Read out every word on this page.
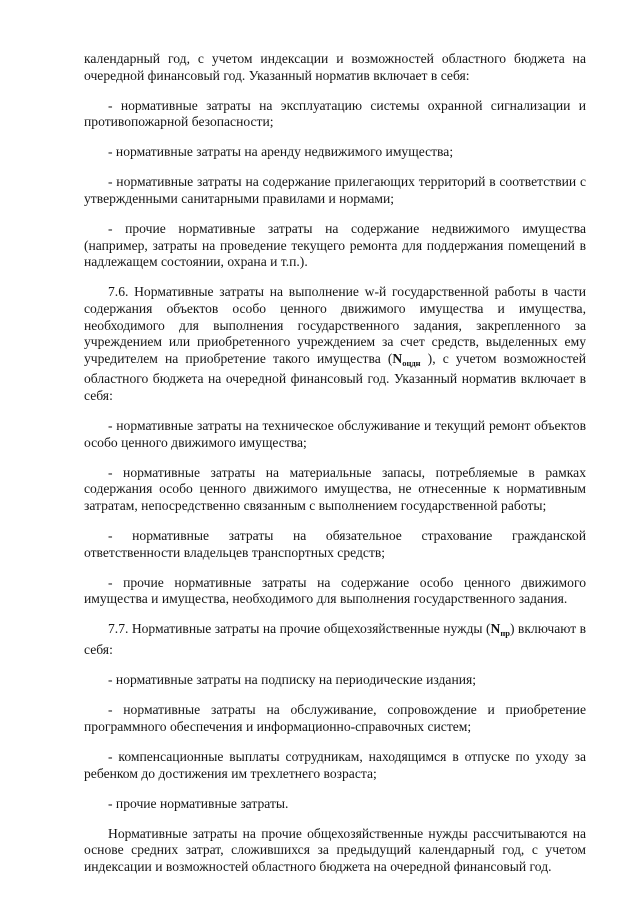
календарный год, с учетом индексации и возможностей областного бюджета на очередной финансовый год. Указанный норматив включает в себя:

- нормативные затраты на эксплуатацию системы охранной сигнализации и противопожарной безопасности;

- нормативные затраты на аренду недвижимого имущества;

- нормативные затраты на содержание прилегающих территорий в соответствии с утвержденными санитарными правилами и нормами;

- прочие нормативные затраты на содержание недвижимого имущества (например, затраты на проведение текущего ремонта для поддержания помещений в надлежащем состоянии, охрана и т.п.).

7.6. Нормативные затраты на выполнение w-й государственной работы в части содержания объектов особо ценного движимого имущества и имущества, необходимого для выполнения государственного задания, закрепленного за учреждением или приобретенного учреждением за счет средств, выделенных ему учредителем на приобретение такого имущества ($N_{оцдн}$ ), с учетом возможностей областного бюджета на очередной финансовый год. Указанный норматив включает в себя:

- нормативные затраты на техническое обслуживание и текущий ремонт объектов особо ценного движимого имущества;

- нормативные затраты на материальные запасы, потребляемые в рамках содержания особо ценного движимого имущества, не отнесенные к нормативным затратам, непосредственно связанным с выполнением государственной работы;

- нормативные затраты на обязательное страхование гражданской ответственности владельцев транспортных средств;

- прочие нормативные затраты на содержание особо ценного движимого имущества и имущества, необходимого для выполнения государственного задания.

7.7. Нормативные затраты на прочие общехозяйственные нужды $(N_{пр})$ включают в себя:

- нормативные затраты на подписку на периодические издания;

- нормативные затраты на обслуживание, сопровождение и приобретение программного обеспечения и информационно-справочных систем;

- компенсационные выплаты сотрудникам, находящимся в отпуске по уходу за ребенком до достижения им трехлетнего возраста;

- прочие нормативные затраты.

Нормативные затраты на прочие общехозяйственные нужды рассчитываются на основе средних затрат, сложившихся за предыдущий календарный год, с учетом индексации и возможностей областного бюджета на очередной финансовый год.
